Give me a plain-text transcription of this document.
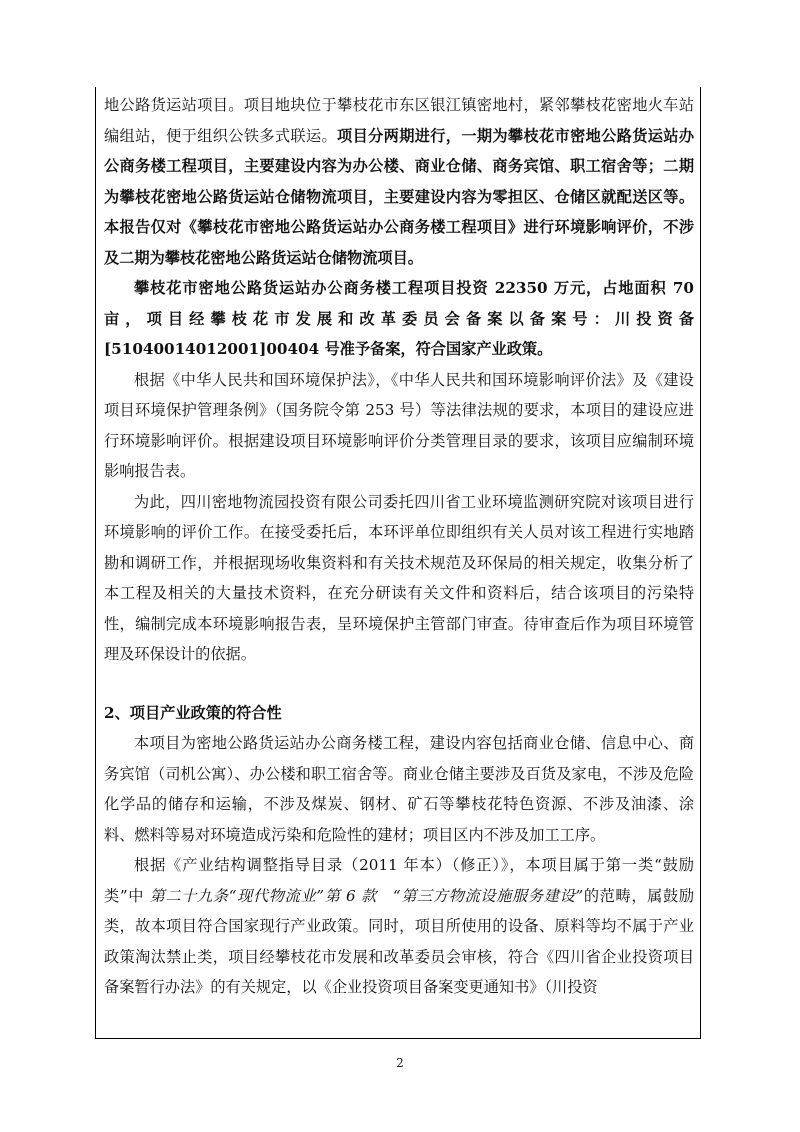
地公路货运站项目。项目地块位于攀枝花市东区银江镇密地村，紧邻攀枝花密地火车站编组站，便于组织公铁多式联运。项目分两期进行，一期为攀枝花市密地公路货运站办公商务楼工程项目，主要建设内容为办公楼、商业仓储、商务宾馆、职工宿舍等；二期为攀枝花密地公路货运站仓储物流项目，主要建设内容为零担区、仓储区就配送区等。本报告仅对《攀枝花市密地公路货运站办公商务楼工程项目》进行环境影响评价，不涉及二期为攀枝花密地公路货运站仓储物流项目。

攀枝花市密地公路货运站办公商务楼工程项目投资 22350 万元，占地面积 70 亩，项目经攀枝花市发展和改革委员会备案以备案号：川投资备[51040014012001]00404 号准予备案，符合国家产业政策。

根据《中华人民共和国环境保护法》，《中华人民共和国环境影响评价法》及《建设项目环境保护管理条例》（国务院令第 253 号）等法律法规的要求，本项目的建设应进行环境影响评价。根据建设项目环境影响评价分类管理目录的要求，该项目应编制环境影响报告表。

为此，四川密地物流园投资有限公司委托四川省工业环境监测研究院对该项目进行环境影响的评价工作。在接受委托后，本环评单位即组织有关人员对该工程进行实地踏勘和调研工作，并根据现场收集资料和有关技术规范及环保局的相关规定，收集分析了本工程及相关的大量技术资料，在充分研读有关文件和资料后，结合该项目的污染特性，编制完成本环境影响报告表，呈环境保护主管部门审查。待审查后作为项目环境管理及环保设计的依据。

2、项目产业政策的符合性

本项目为密地公路货运站办公商务楼工程，建设内容包括商业仓储、信息中心、商务宾馆（司机公寓）、办公楼和职工宿舍等。商业仓储主要涉及百货及家电，不涉及危险化学品的储存和运输，不涉及煤炭、钢材、矿石等攀枝花特色资源、不涉及油漆、涂料、燃料等易对环境造成污染和危险性的建材；项目区内不涉及加工工序。

根据《产业结构调整指导目录（2011 年本）（修正）》，本项目属于第一类“鼓励类”中 第二十九条“现代物流业”第 6 款　“第三方物流设施服务建设”的范畴，属鼓励类，故本项目符合国家现行产业政策。同时，项目所使用的设备、原料等均不属于产业政策淘汰禁止类，项目经攀枝花市发展和改革委员会审核，符合《四川省企业投资项目备案暂行办法》的有关规定，以《企业投资项目备案变更通知书》（川投资

2
